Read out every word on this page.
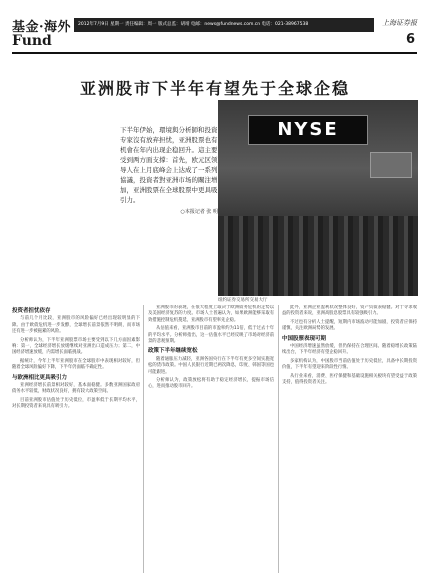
基金·海外
Fund
2012年7月9日 星期一 责任编辑：周一 版式总监：胡靖 电邮：news@fundnews.com.cn 电话：021-38967538	上海证券报
6
亚洲股市下半年有望先于全球企稳
下半年伊始，環境與分析師和投資专家沒有放弃担忧，亚洲股票也有机會在年内出现企稳回升。這主要受到两方面支撑：首先，欧元区领导人在上月底峰会上达成了一系列協議，投資者對亚洲市场的關注增加，亚洲股票在全球股票中更具吸引力。
○本报记者 张 明
NYSE
纽约证券交易所交易大厅
投资者担忧依存
与前几个月比较，亚洲股市的风险偏好已经出现较明显的下降。由于欧债危机进一步发酵，全球增长前景依然不明朗，而市场还有进一步被拖累的风险。
分析师认为，下半年亚洲股票市场主要受到以下几方面因素影响：第一，全球经济增长放缓继续对亚洲出口造成压力；第二，中国经济增速放缓，内需增长面临挑战。
据统计，今年上半年亚洲股市在全球股市中表现相对较好，但随着全球风险偏好下降，下半年仍面临不确定性。
与欧洲相比更具吸引力
亚洲经济增长前景相对较好，基本面稳健。多数亚洲国家政府债务水平较低，财政状况良好，拥有较大政策空间。
目前亚洲股市估值处于历史低位，市盈率低于长期平均水平，对长期投资者来说具有吸引力。
亚洲股市的表现，在很大程度上取决于欧洲债务危机的走势以及美国经济复苏的力度。市场人士普遍认为，如果欧洲能够采取有效措施控制危机蔓延，亚洲股市有望率先企稳。
从估值来看，亚洲股市目前的市盈率约为11倍，低于过去十年的平均水平。分析师指出，这一估值水平已经反映了市场对经济前景的悲观预期。
政策下半年继续宽松
随着通胀压力减轻，亚洲各国央行在下半年有更多空间实施宽松的货币政策。中国人民银行近期已两次降息，印度、韩国等国也可能跟进。
分析师认为，政策放松将有助于稳定经济增长，提振市场信心，进而推动股市回升。
此外，亚洲企业盈利状况整体良好，资产负债表稳健。对于寻求收益的投资者来说，亚洲高股息股票具有较强吸引力。
不过也有分析人士提醒，短期内市场波动可能加剧，投资者应保持谨慎，关注欧洲局势的发展。
中国股票表现可期
中国经济增速虽然放缓，但仍保持在合理区间。随着稳增长政策陆续出台，下半年经济有望企稳回升。
多家机构认为，中国股市当前估值处于历史低位，具备中长期投资价值，下半年有望迎来阶段性行情。
从行业来看，消费、医疗保健和基础设施相关板块有望受益于政策支持，值得投资者关注。
